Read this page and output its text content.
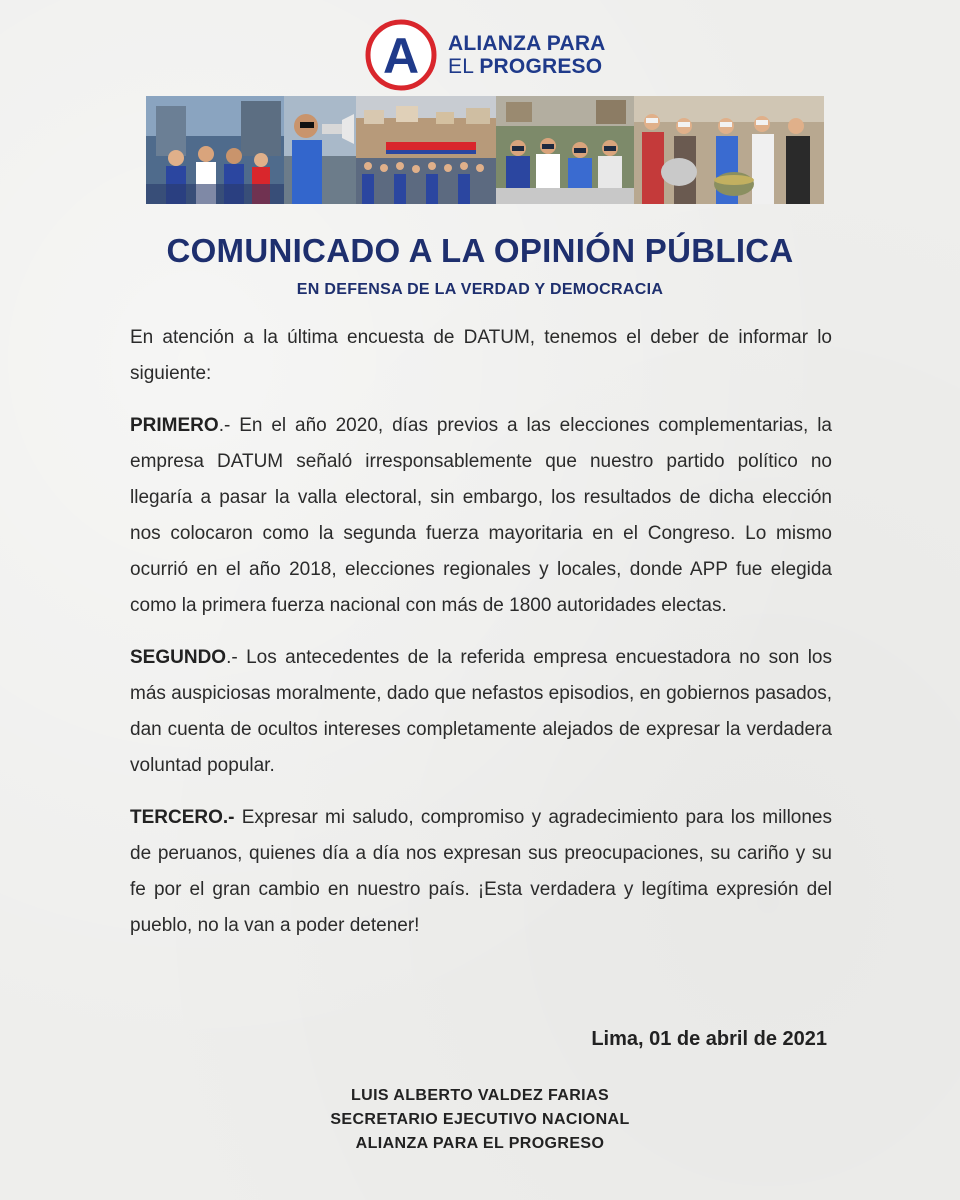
A ALIANZA PARA
EL PROGRESO
COMUNICADO A LA OPINIÓN PÚBLICA
EN DEFENSA DE LA VERDAD Y DEMOCRACIA

En atención a la última encuesta de DATUM, tenemos el deber de informar lo siguiente:

PRIMERO.- En el año 2020, días previos a las elecciones complementarias, la empresa DATUM señaló irresponsablemente que nuestro partido político no llegaría a pasar la valla electoral, sin embargo, los resultados de dicha elección nos colocaron como la segunda fuerza mayoritaria en el Congreso. Lo mismo ocurrió en el año 2018, elecciones regionales y locales, donde APP fue elegida como la primera fuerza nacional con más de 1800 autoridades electas.

SEGUNDO.- Los antecedentes de la referida empresa encuestadora no son los más auspiciosas moralmente, dado que nefastos episodios, en gobiernos pasados, dan cuenta de ocultos intereses completamente alejados de expresar la verdadera voluntad popular.

TERCERO.- Expresar mi saludo, compromiso y agradecimiento para los millones de peruanos, quienes día a día nos expresan sus preocupaciones, su cariño y su fe por el gran cambio en nuestro país. ¡Esta verdadera y legítima expresión del pueblo, no la van a poder detener!

Lima, 01 de abril de 2021
LUIS ALBERTO VALDEZ FARIAS
SECRETARIO EJECUTIVO NACIONAL
ALIANZA PARA EL PROGRESO
